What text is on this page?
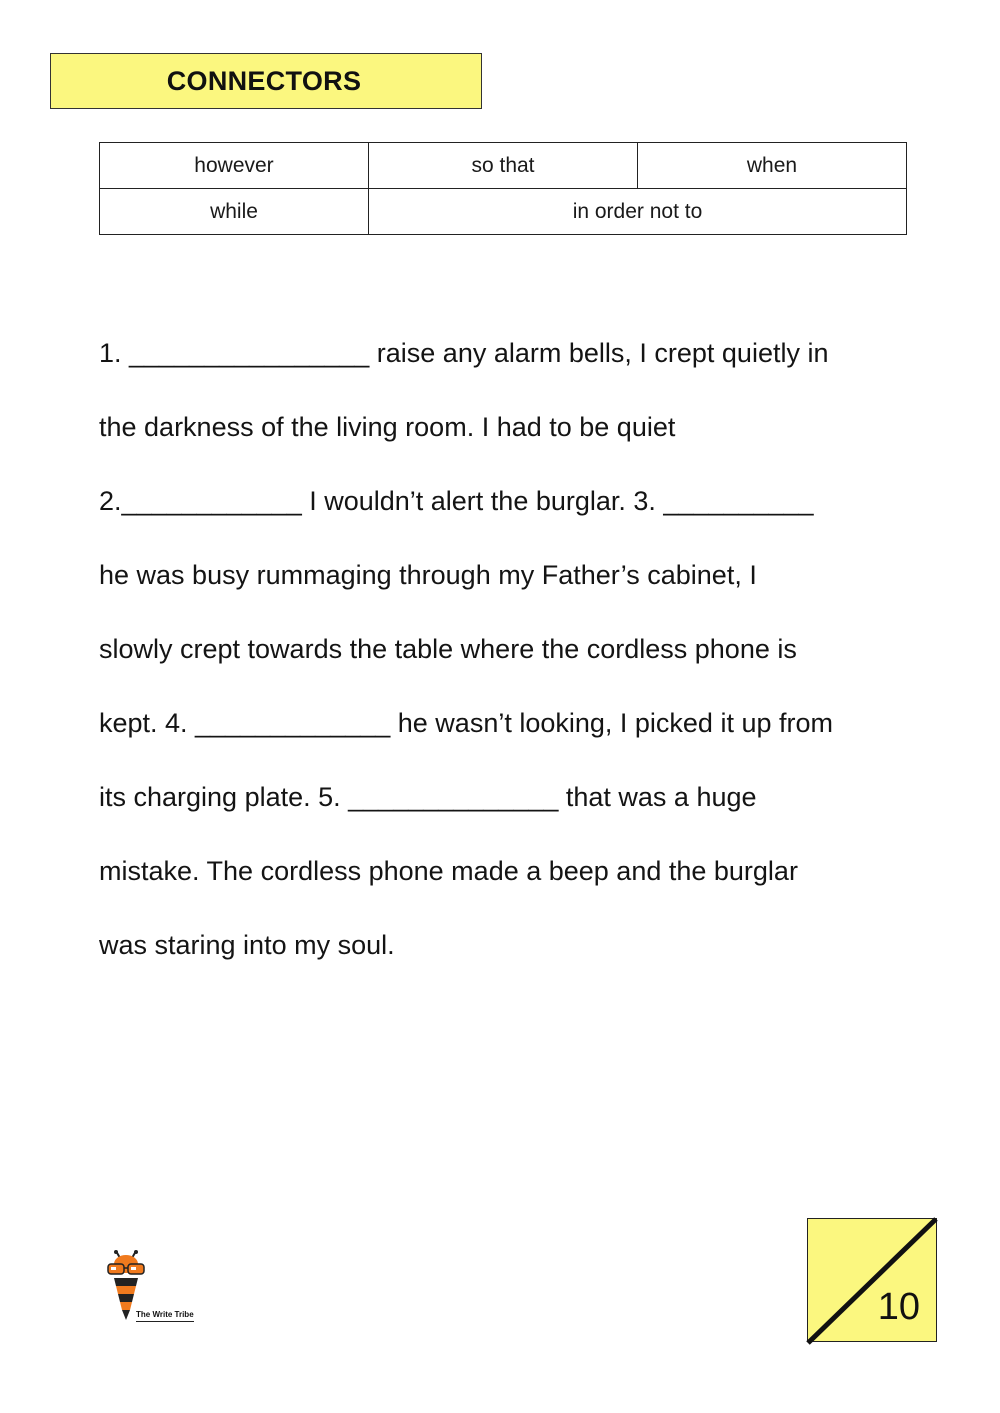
CONNECTORS
however	so that	when
while	in order not to	
1. ________________ raise any alarm bells, I crept quietly in
the darkness of the living room. I had to be quiet
2.____________ I wouldn’t alert the burglar. 3. __________
he was busy rummaging through my Father’s cabinet, I
slowly crept towards the table where the cordless phone is
kept. 4. _____________ he wasn’t looking, I picked it up from
its charging plate. 5. ______________ that was a huge
mistake. The cordless phone made a beep and the burglar
was staring into my soul.
The Write Tribe	10
